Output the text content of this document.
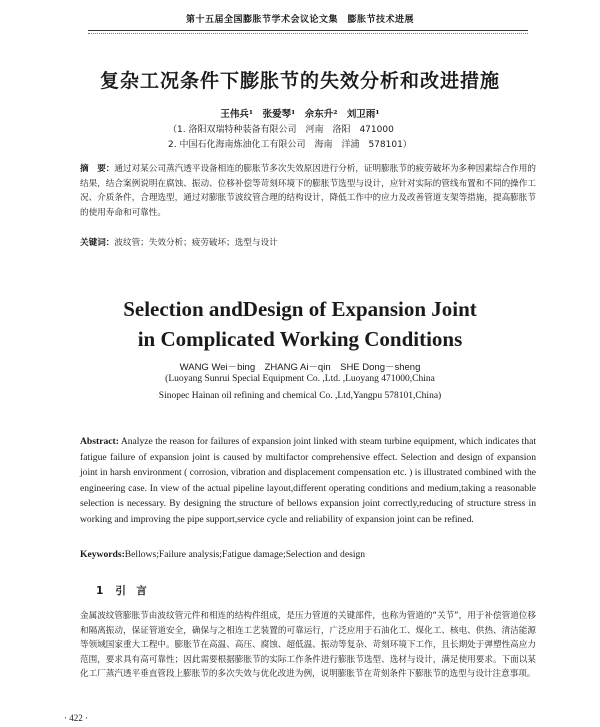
第十五届全国膨胀节学术会议论文集　膨胀节技术进展
复杂工况条件下膨胀节的失效分析和改进措施
王伟兵¹　张爱琴¹　佘东升²　刘卫雨¹
（1. 洛阳双瑞特种装备有限公司　河南　洛阳　471000
2. 中国石化海南炼油化工有限公司　海南　洋浦　578101）
摘　要：通过对某公司蒸汽透平设备相连的膨胀节多次失效原因进行分析，证明膨胀节的疲劳破坏为多种因素综合作用的结果，结合案例说明在腐蚀、振动、位移补偿等苛刻环境下的膨胀节选型与设计，应针对实际的管线布置和不同的操作工况、介质条件，合理选型，通过对膨胀节波纹管合理的结构设计，降低工作中的应力及改善管道支架等措施，提高膨胀节的使用寿命和可靠性。
关键词：波纹管；失效分析；疲劳破坏；选型与设计
Selection andDesign of Expansion Joint
in Complicated Working Conditions
WANG Wei－bing　ZHANG Ai－qin　SHE Dong－sheng
(Luoyang Sunrui Special Equipment Co. ,Ltd. ,Luoyang 471000,China
Sinopec Hainan oil refining and chemical Co. ,Ltd,Yangpu 578101,China)
Abstract: Analyze the reason for failures of expansion joint linked with steam turbine equipment, which indicates that fatigue failure of expansion joint is caused by multifactor comprehensive effect. Selection and design of expansion joint in harsh environment ( corrosion, vibration and displacement compensation etc. ) is illustrated combined with the engineering case. In view of the actual pipeline layout,different operating conditions and medium,taking a reasonable selection is necessary. By designing the structure of bellows expansion joint correctly,reducing of structure stress in working and improving the pipe support,service cycle and reliability of expansion joint can be refined.
Keywords:Bellows;Failure analysis;Fatigue damage;Selection and design
1 引　言
金属波纹管膨胀节由波纹管元件和相连的结构件组成，是压力管道的关键部件，也称为管道的“关节”，用于补偿管道位移和隔离振动，保证管道安全，确保与之相连工艺装置的可靠运行，广泛应用于石油化工、煤化工、核电、供热、清洁能源等领域国家重大工程中。膨胀节在高温、高压、腐蚀、超低温、振动等复杂、苛刻环境下工作，且长期处于弹塑性高应力范围，要求具有高可靠性；因此需要根据膨胀节的实际工作条件进行膨胀节选型、选材与设计，满足使用要求。下面以某化工厂蒸汽透平垂直管段上膨胀节的多次失效与优化改进为例，说明膨胀节在苛刻条件下膨胀节的选型与设计注意事项。
· 422 ·
